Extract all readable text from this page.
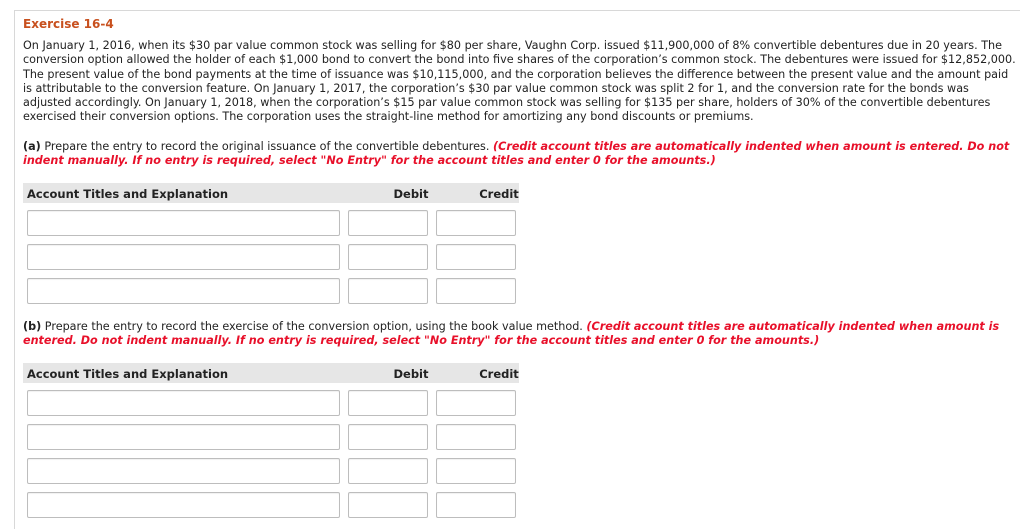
Exercise 16-4
On January 1, 2016, when its $30 par value common stock was selling for $80 per share, Vaughn Corp. issued $11,900,000 of 8% convertible debentures due in 20 years. The conversion option allowed the holder of each $1,000 bond to convert the bond into five shares of the corporation’s common stock. The debentures were issued for $12,852,000. The present value of the bond payments at the time of issuance was $10,115,000, and the corporation believes the difference between the present value and the amount paid is attributable to the conversion feature. On January 1, 2017, the corporation’s $30 par value common stock was split 2 for 1, and the conversion rate for the bonds was adjusted accordingly. On January 1, 2018, when the corporation’s $15 par value common stock was selling for $135 per share, holders of 30% of the convertible debentures exercised their conversion options. The corporation uses the straight-line method for amortizing any bond discounts or premiums.
(a) Prepare the entry to record the original issuance of the convertible debentures. (Credit account titles are automatically indented when amount is entered. Do not indent manually. If no entry is required, select "No Entry" for the account titles and enter 0 for the amounts.)
Account Titles and Explanation	Debit	Credit
(b) Prepare the entry to record the exercise of the conversion option, using the book value method. (Credit account titles are automatically indented when amount is entered. Do not indent manually. If no entry is required, select "No Entry" for the account titles and enter 0 for the amounts.)
Account Titles and Explanation	Debit	Credit
